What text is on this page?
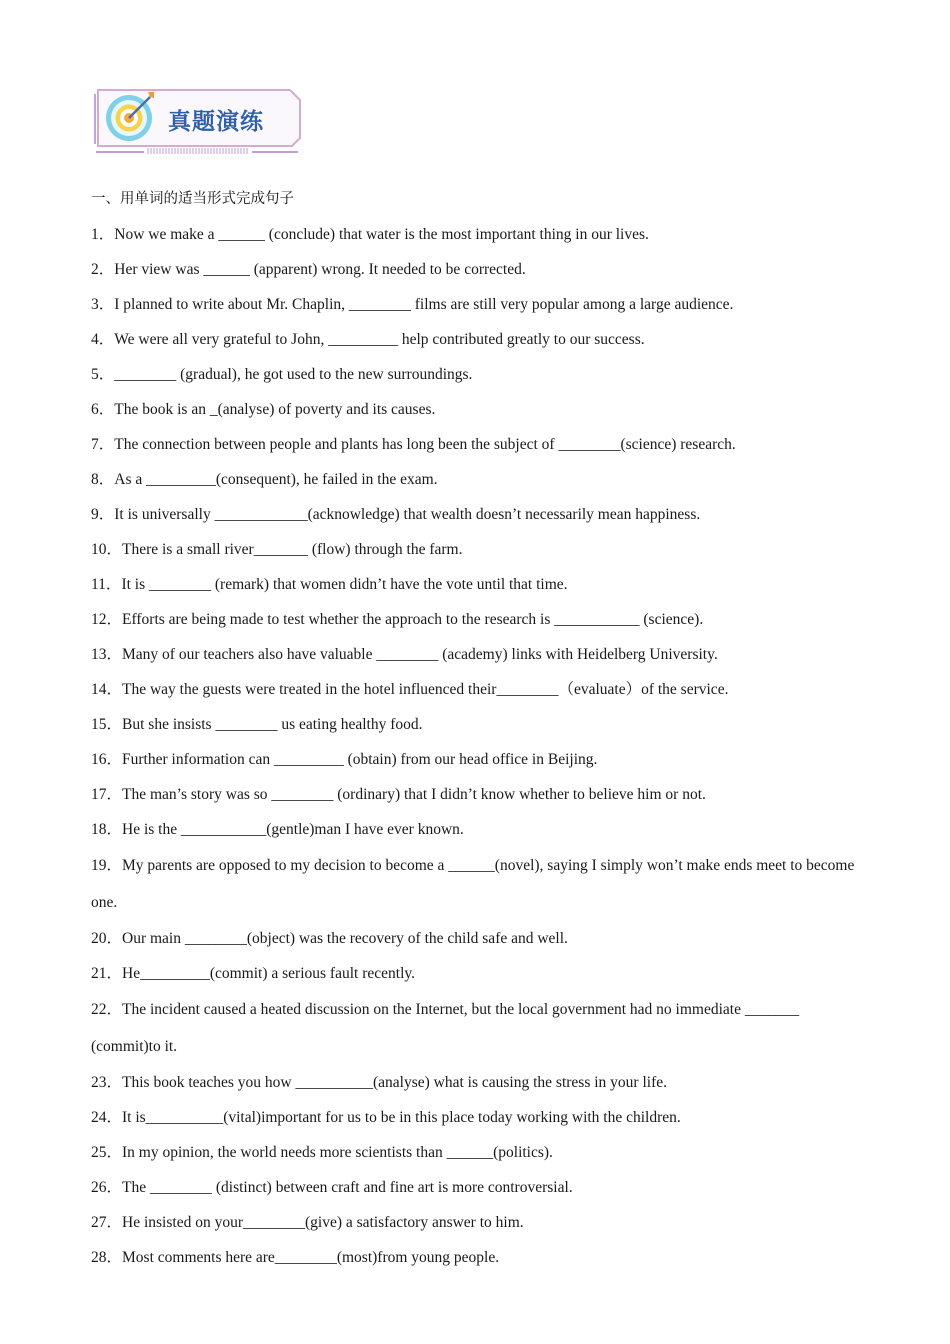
真题演练
一、用单词的适当形式完成句子
1．Now we make a ______ (conclude) that water is the most important thing in our lives.
2．Her view was ______ (apparent) wrong. It needed to be corrected.
3．I planned to write about Mr. Chaplin, ________ films are still very popular among a large audience.
4．We were all very grateful to John, _________ help contributed greatly to our success.
5．________ (gradual), he got used to the new surroundings.
6．The book is an _(analyse) of poverty and its causes.
7．The connection between people and plants has long been the subject of ________(science) research.
8．As a _________(consequent), he failed in the exam.
9．It is universally ____________(acknowledge) that wealth doesn’t necessarily mean happiness.
10．There is a small river_______ (flow) through the farm.
11．It is ________ (remark) that women didn’t have the vote until that time.
12．Efforts are being made to test whether the approach to the research is ___________ (science).
13．Many of our teachers also have valuable ________ (academy) links with Heidelberg University.
14．The way the guests were treated in the hotel influenced their________（evaluate）of the service.
15．But she insists ________ us eating healthy food.
16．Further information can _________ (obtain) from our head office in Beijing.
17．The man’s story was so ________ (ordinary) that I didn’t know whether to believe him or not.
18．He is the ___________(gentle)man I have ever known.
19．My parents are opposed to my decision to become a ______(novel), saying I simply won’t make ends meet to become one.
20．Our main ________(object) was the recovery of the child safe and well.
21．He_________(commit) a serious fault recently.
22．The incident caused a heated discussion on the Internet, but the local government had no immediate _______ (commit)to it.
23．This book teaches you how __________(analyse) what is causing the stress in your life.
24．It is__________(vital)important for us to be in this place today working with the children.
25．In my opinion, the world needs more scientists than ______(politics).
26．The ________ (distinct) between craft and fine art is more controversial.
27．He insisted on your________(give) a satisfactory answer to him.
28．Most comments here are________(most)from young people.
